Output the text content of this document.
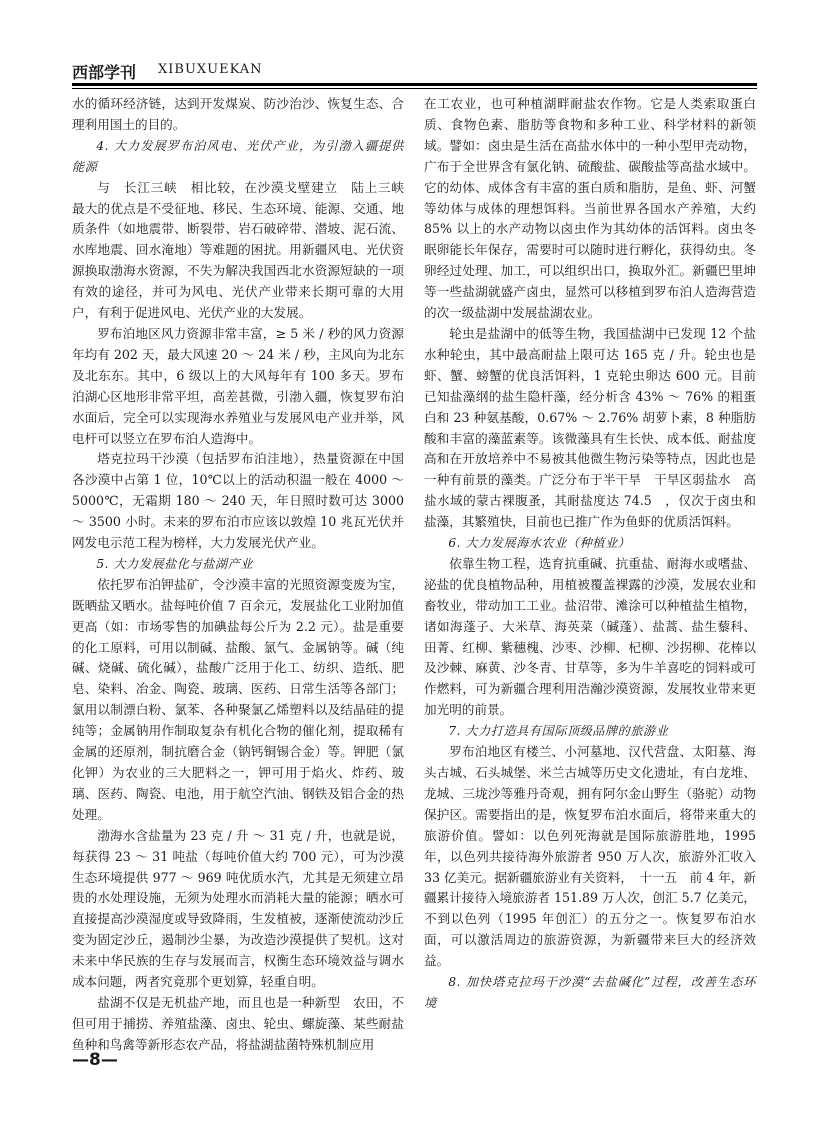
西部学刊 XIBUXUEKAN

水的循环经济链，达到开发煤炭、防沙治沙、恢复生态、合理利用国土的目的。

4. 大力发展罗布泊风电、光伏产业，为引渤入疆提供能源

与　长江三峡　相比较，在沙漠戈壁建立　陆上三峡　最大的优点是不受征地、移民、生态环境、能源、交通、地质条件（如地震带、断裂带、岩石破碎带、潜坡、泥石流、水库地震、回水淹地）等难题的困扰。用新疆风电、光伏资源换取渤海水资源，不失为解决我国西北水资源短缺的一项有效的途径，并可为风电、光伏产业带来长期可靠的大用户，有利于促进风电、光伏产业的大发展。

罗布泊地区风力资源非常丰富，≥ 5 米 / 秒的风力资源年均有 202 天，最大风速 20 ～ 24 米 / 秒，主风向为北东及北东东。其中，6 级以上的大风每年有 100 多天。罗布泊湖心区地形非常平坦，高差甚微，引渤入疆，恢复罗布泊水面后，完全可以实现海水养殖业与发展风电产业并举，风电杆可以竖立在罗布泊人造海中。

塔克拉玛干沙漠（包括罗布泊洼地），热量资源在中国各沙漠中占第 1 位，10℃以上的活动积温一般在 4000 ～ 5000℃，无霜期 180 ～ 240 天，年日照时数可达 3000 ～ 3500 小时。未来的罗布泊市应该以敦煌 10 兆瓦光伏并网发电示范工程为榜样，大力发展光伏产业。

5. 大力发展盐化与盐湖产业

依托罗布泊钾盐矿，令沙漠丰富的光照资源变废为宝，既晒盐又晒水。盐每吨价值 7 百余元，发展盐化工业附加值更高（如：市场零售的加碘盐每公斤为 2.2 元）。盐是重要的化工原料，可用以制碱、盐酸、氯气、金属钠等。碱（纯碱、烧碱、硫化碱），盐酸广泛用于化工、纺织、造纸、肥皂、染料、冶金、陶瓷、玻璃、医药、日常生活等各部门；氯用以制漂白粉、氯苯、各种聚氯乙烯塑料以及结晶硅的提纯等；金属钠用作制取复杂有机化合物的催化剂，提取稀有金属的还原剂，制抗磨合金（钠钙铜锡合金）等。钾肥（氯化钾）为农业的三大肥料之一，钾可用于焰火、炸药、玻璃、医药、陶瓷、电池，用于航空汽油、钢铁及铝合金的热处理。

渤海水含盐量为 23 克 / 升 ～ 31 克 / 升，也就是说，每获得 23 ～ 31 吨盐（每吨价值大约 700 元），可为沙漠生态环境提供 977 ～ 969 吨优质水汽，尤其是无须建立昂贵的水处理设施，无须为处理水而消耗大量的能源；晒水可直接提高沙漠湿度或导致降雨，生发植被，逐渐使流动沙丘变为固定沙丘，遏制沙尘暴，为改造沙漠提供了契机。这对未来中华民族的生存与发展而言，权衡生态环境效益与调水成本问题，两者究竟那个更划算，轻重自明。

盐湖不仅是无机盐产地，而且也是一种新型　农田，不但可用于捕捞、养殖盐藻、卤虫、轮虫、螺旋藻、某些耐盐鱼种和鸟禽等新形态农产品，将盐湖盐菌特殊机制应用

在工农业，也可种植湖畔耐盐农作物。它是人类索取蛋白质、食物色素、脂肪等食物和多种工业、科学材料的新领域。譬如：卤虫是生活在高盐水体中的一种小型甲壳动物，广布于全世界含有氯化钠、硫酸盐、碳酸盐等高盐水域中。它的幼体、成体含有丰富的蛋白质和脂肪，是鱼、虾、河蟹等幼体与成体的理想饵料。当前世界各国水产养殖，大约 85% 以上的水产动物以卤虫作为其幼体的活饵料。卤虫冬眠卵能长年保存，需要时可以随时进行孵化，获得幼虫。冬卵经过处理、加工，可以组织出口，换取外汇。新疆巴里坤等一些盐湖就盛产卤虫，显然可以移植到罗布泊人造海营造的次一级盐湖中发展盐湖农业。

轮虫是盐湖中的低等生物，我国盐湖中已发现 12 个盐水种轮虫，其中最高耐盐上限可达 165 克 / 升。轮虫也是虾、蟹、螃蟹的优良活饵料，1 克轮虫卵达 600 元。目前已知盐藻纲的盐生隐杆藻，经分析含 43% ～ 76% 的粗蛋白和 23 种氨基酸，0.67% ～ 2.76% 胡萝卜素，8 种脂肪酸和丰富的藻蓝素等。该微藻具有生长快、成本低、耐盐度高和在开放培养中不易被其他微生物污染等特点，因此也是一种有前景的藻类。广泛分布于半干旱　干旱区弱盐水　高盐水域的蒙古裸腹蚤，其耐盐度达 74.5　，仅次于卤虫和盐藻，其繁殖快，目前也已推广作为鱼虾的优质活饵料。

6. 大力发展海水农业（种植业）

依靠生物工程，选育抗重碱、抗重盐、耐海水或嗜盐、泌盐的优良植物品种，用植被覆盖裸露的沙漠，发展农业和畜牧业，带动加工工业。盐沼带、滩涂可以种植盐生植物，诸如海蓬子、大米草、海英菜（碱蓬）、盐蒿、盐生藜科、田菁、红柳、紫穗槐、沙枣、沙柳、杞柳、沙拐柳、花棒以及沙棘、麻黄、沙冬青、甘草等，多为牛羊喜吃的饲料或可作燃料，可为新疆合理利用浩瀚沙漠资源，发展牧业带来更加光明的前景。

7. 大力打造具有国际顶级品牌的旅游业

罗布泊地区有楼兰、小河墓地、汉代营盘、太阳墓、海头古城、石头城堡、米兰古城等历史文化遗址，有白龙堆、龙城、三垅沙等雅丹奇观，拥有阿尔金山野生（骆驼）动物保护区。需要指出的是，恢复罗布泊水面后，将带来重大的旅游价值。譬如：以色列死海就是国际旅游胜地，1995 年，以色列共接待海外旅游者 950 万人次，旅游外汇收入 33 亿美元。据新疆旅游业有关资料，　十一五　前 4 年，新疆累计接待入境旅游者 151.89 万人次，创汇 5.7 亿美元，不到以色列（1995 年创汇）的五分之一。恢复罗布泊水面，可以激活周边的旅游资源，为新疆带来巨大的经济效益。

8. 加快塔克拉玛干沙漠“去盐碱化”过程，改善生态环境
—8—
